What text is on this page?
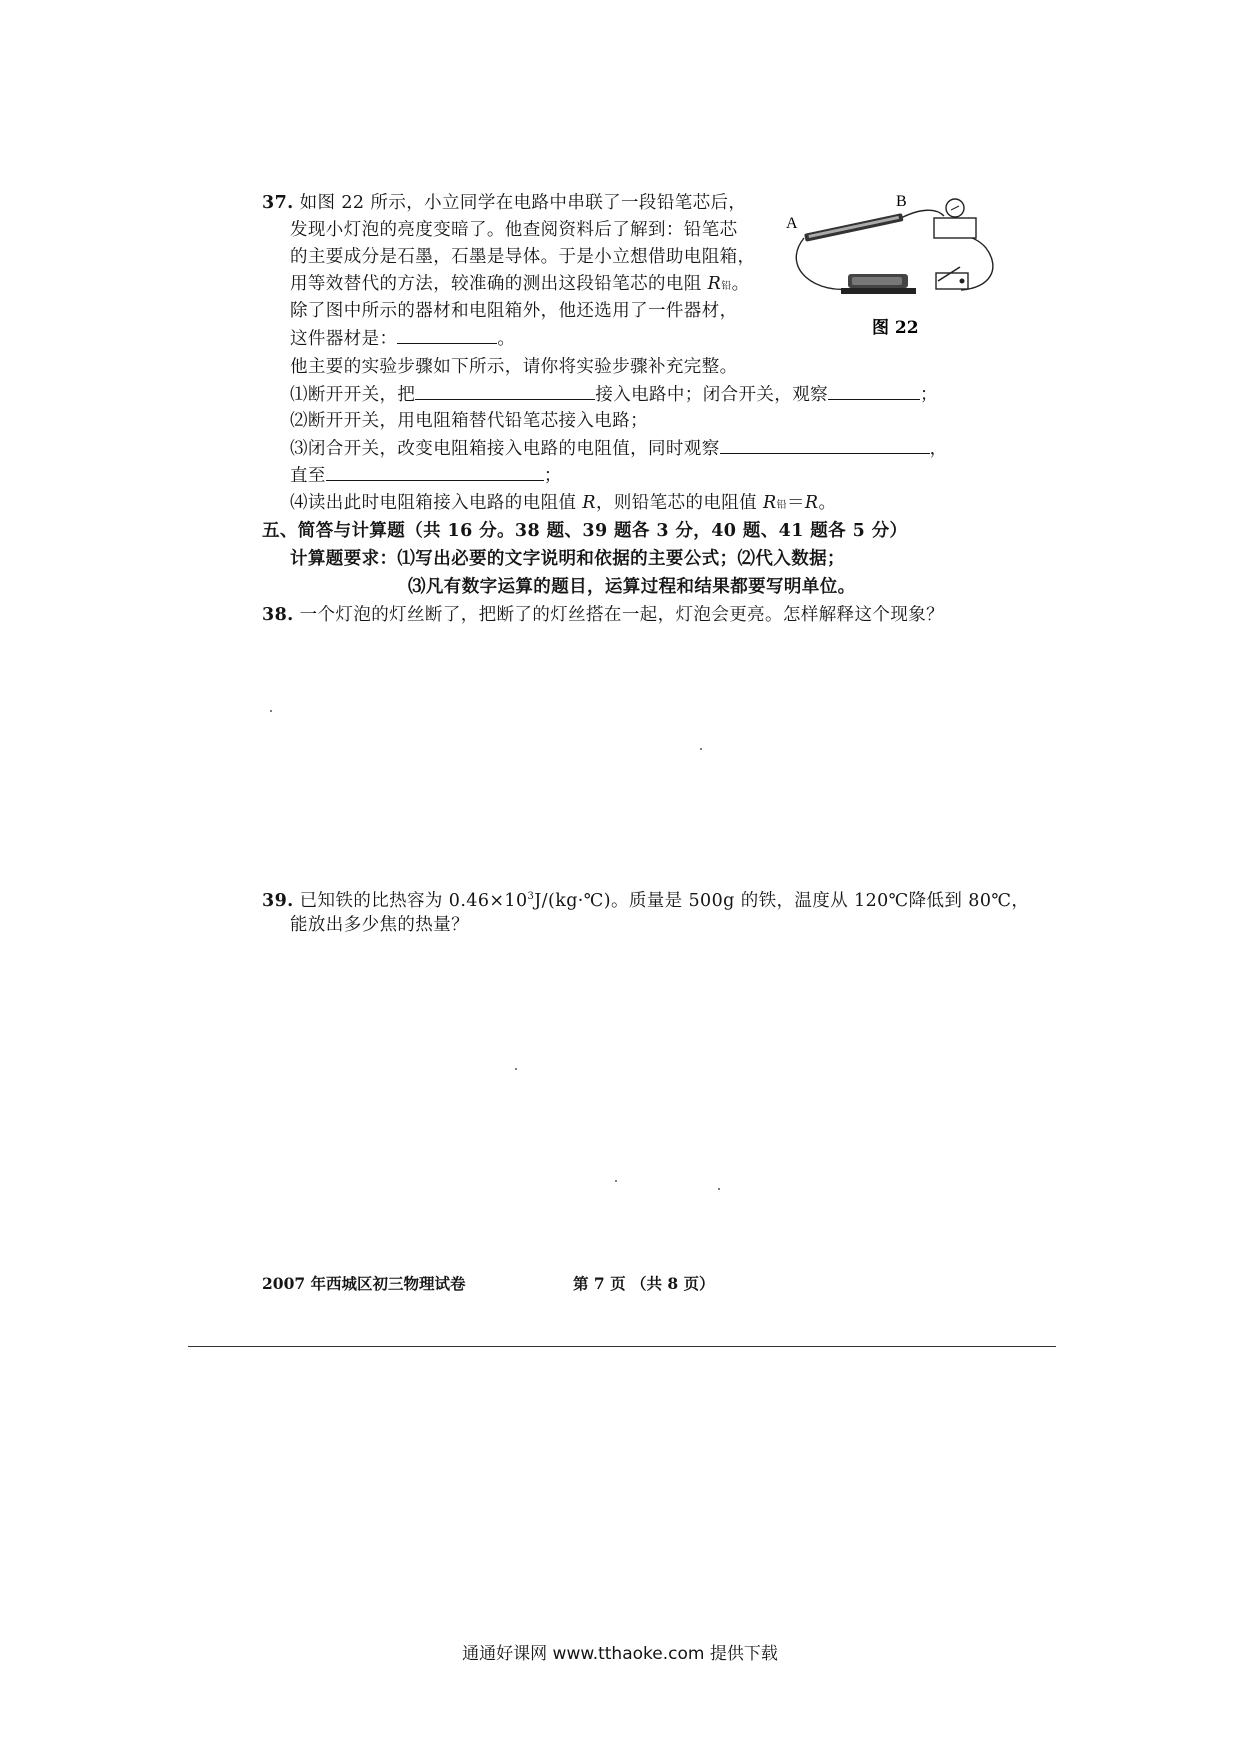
37. 如图 22 所示，小立同学在电路中串联了一段铅笔芯后，
发现小灯泡的亮度变暗了。他查阅资料后了解到：铅笔芯
的主要成分是石墨，石墨是导体。于是小立想借助电阻箱，
用等效替代的方法，较准确的测出这段铅笔芯的电阻 R铅。
除了图中所示的器材和电阻箱外，他还选用了一件器材，
这件器材是：	。
他主要的实验步骤如下所示，请你将实验步骤补充完整。
⑴断开开关，把	接入电路中；闭合开关，观察	；
⑵断开开关，用电阻箱替代铅笔芯接入电路；
⑶闭合开关，改变电阻箱接入电路的电阻值，同时观察	，
直至	；
⑷读出此时电阻箱接入电路的电阻值 R，则铅笔芯的电阻值 R铅＝R。
A
B
图 22
五、简答与计算题（共 16 分。38 题、39 题各 3 分，40 题、41 题各 5 分）
计算题要求：⑴写出必要的文字说明和依据的主要公式；⑵代入数据；
⑶凡有数字运算的题目，运算过程和结果都要写明单位。
38. 一个灯泡的灯丝断了，把断了的灯丝搭在一起，灯泡会更亮。怎样解释这个现象？
39. 已知铁的比热容为 $0.46\times 10^3J/(kg\cdot℃)$。质量是 500g 的铁，温度从 120℃降低到 80℃，
能放出多少焦的热量？
2007 年西城区初三物理试卷	第 7 页 （共 8 页）
通通好课网 www.tthaoke.com 提供下载
